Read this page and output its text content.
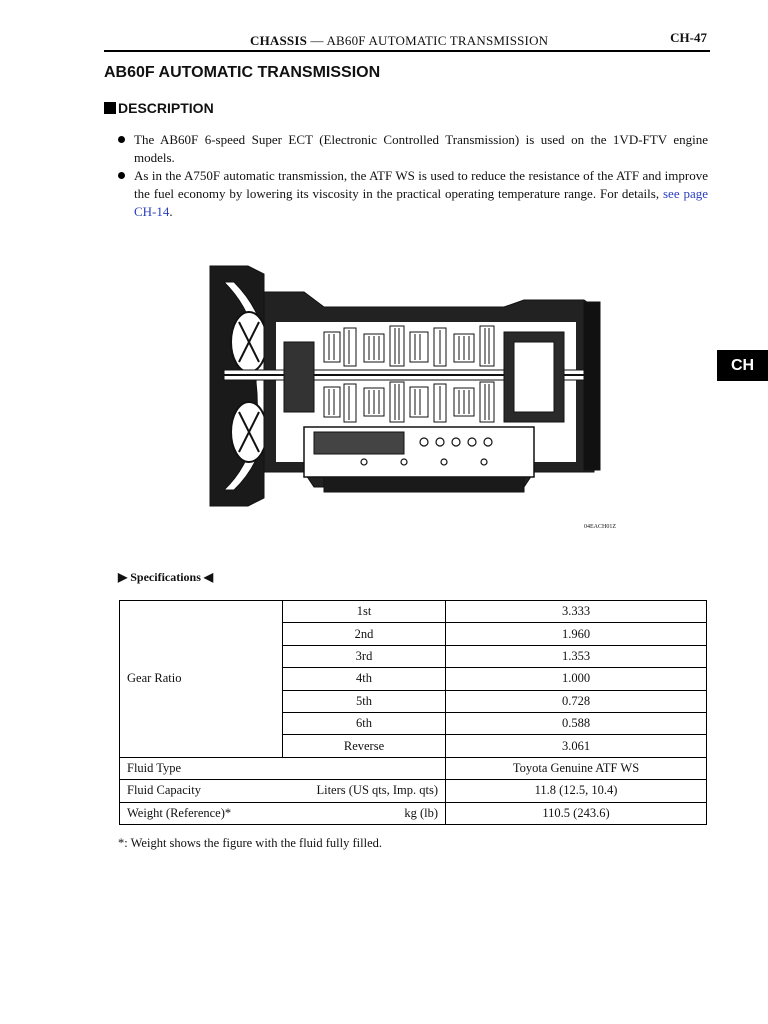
CHASSIS — AB60F AUTOMATIC TRANSMISSION	CH-47
AB60F AUTOMATIC TRANSMISSION
DESCRIPTION
The AB60F 6-speed Super ECT (Electronic Controlled Transmission) is used on the 1VD-FTV engine models.
As in the A750F automatic transmission, the ATF WS is used to reduce the resistance of the ATF and improve the fuel economy by lowering its viscosity in the practical operating temperature range. For details, see page CH-14.
CH
04EACH01Z
▶ Specifications ◀
Gear Ratio	1st	3.333
	2nd	1.960
	3rd	1.353
	4th	1.000
	5th	0.728
	6th	0.588
	Reverse	3.061
Fluid Type		Toyota Genuine ATF WS
Fluid Capacity Liters (US qts, Imp. qts)		11.8 (12.5, 10.4)
Weight (Reference)* kg (lb)		110.5 (243.6)
*: Weight shows the figure with the fluid fully filled.
